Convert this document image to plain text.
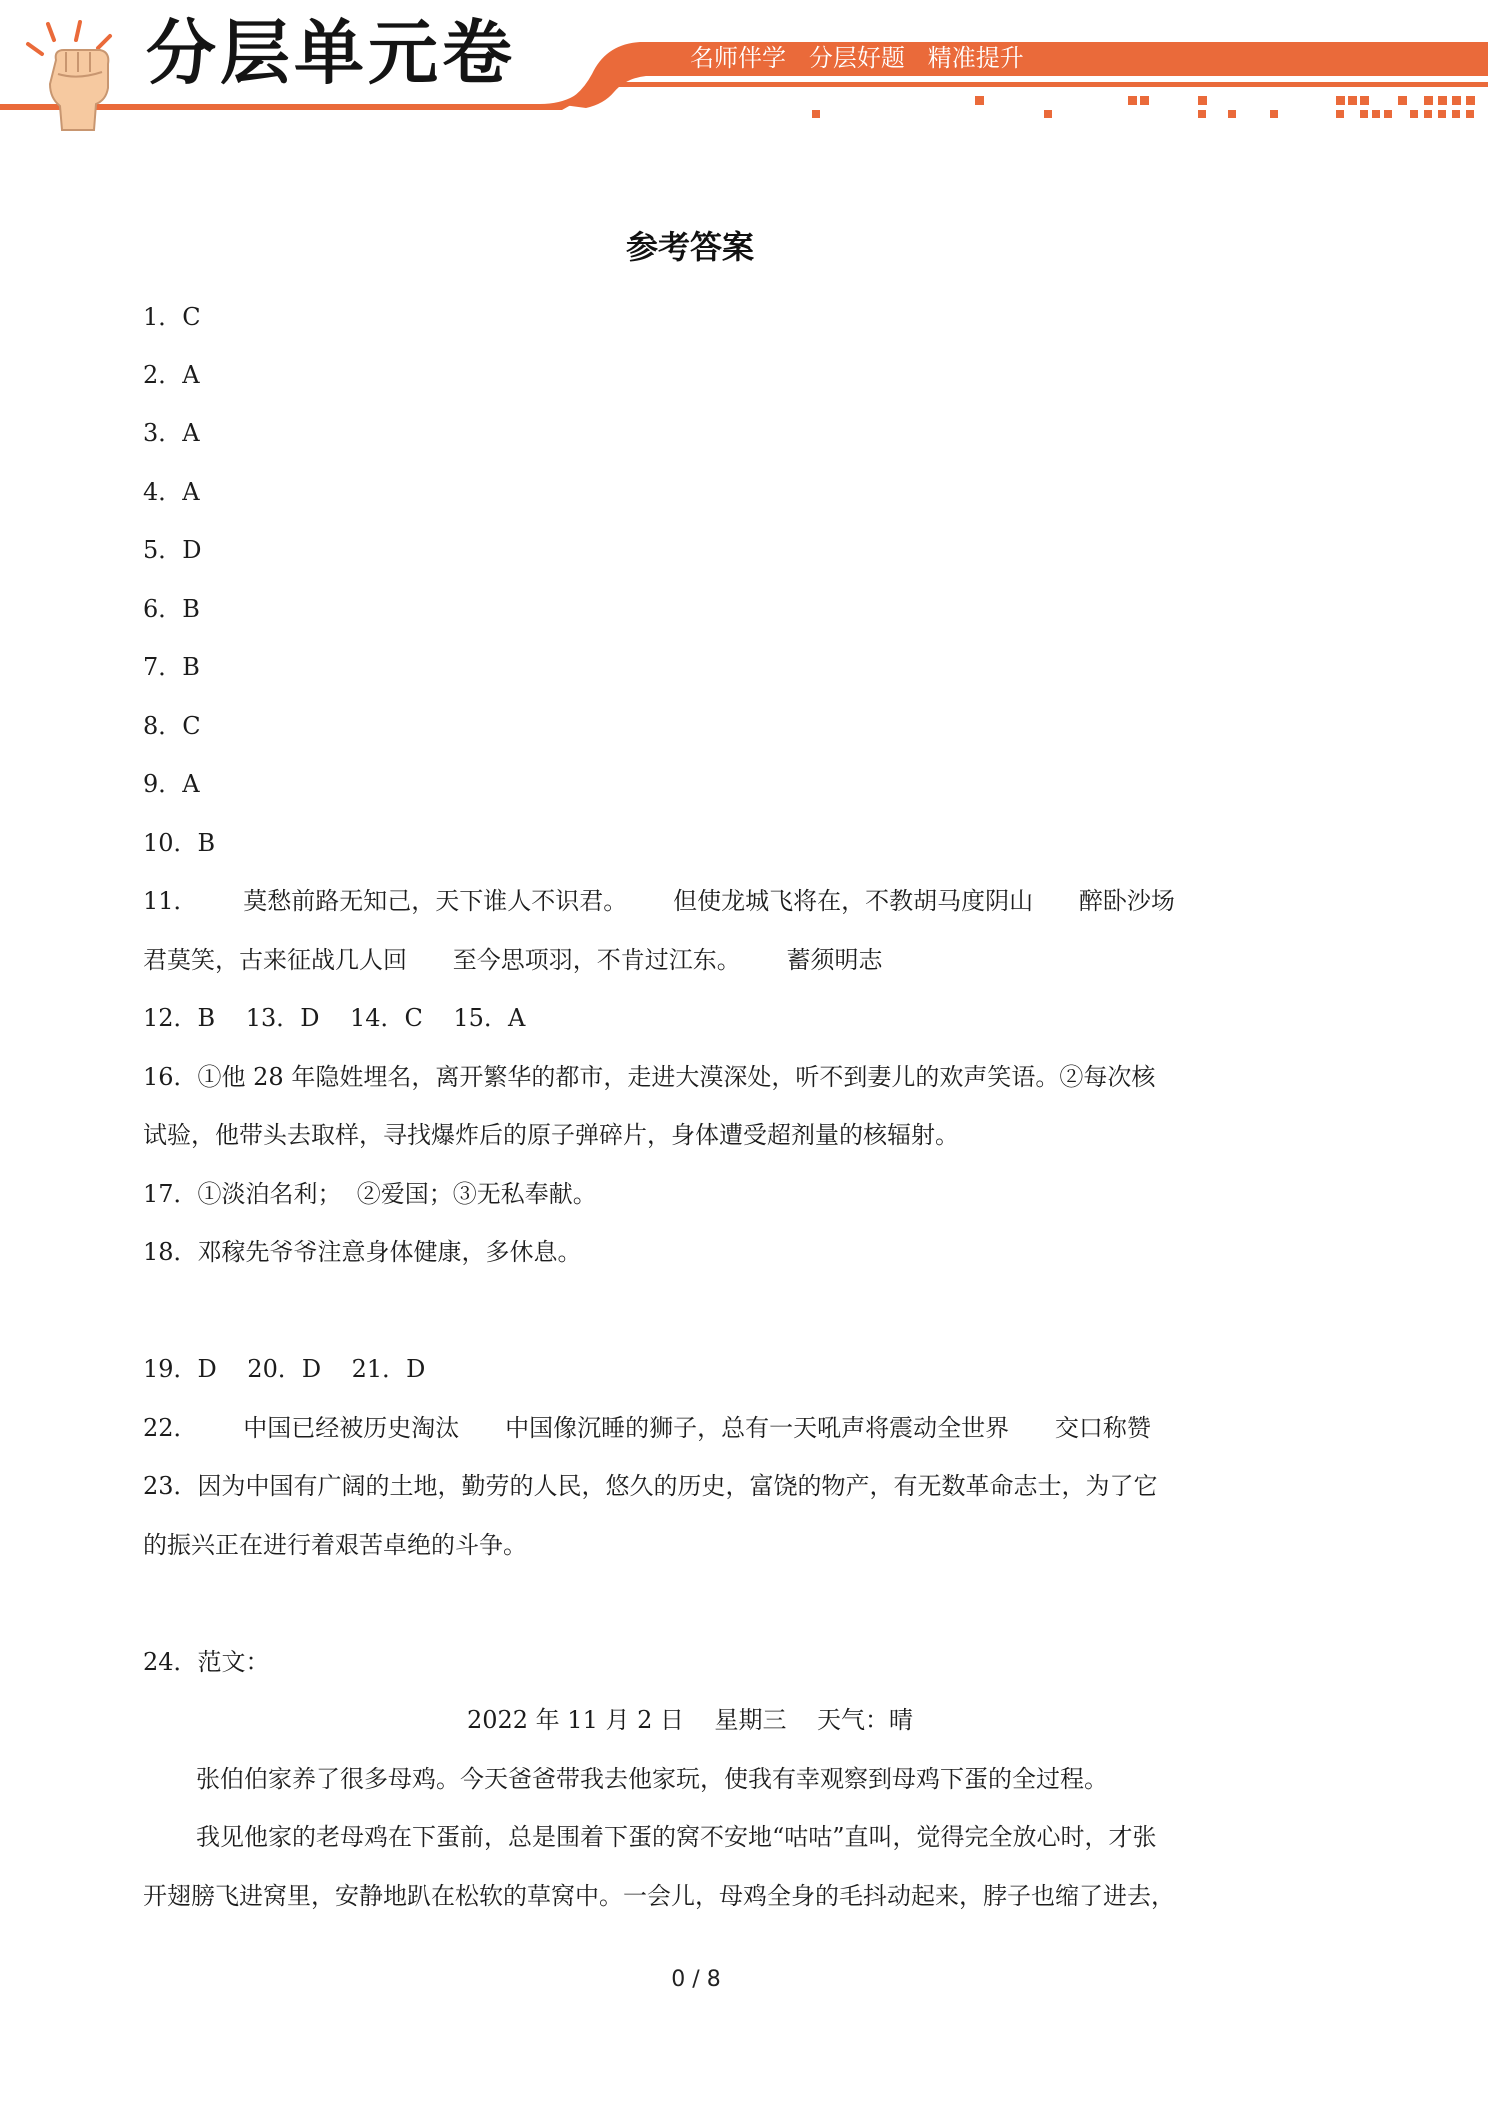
分层单元卷	名师伴学   分层好题   精准提升
参考答案
1．C
2．A
3．A
4．A
5．D
6．B
7．B
8．C
9．A
10．B
11．      莫愁前路无知己，天下谁人不识君。      但使龙城飞将在，不教胡马度阴山      醉卧沙场
君莫笑，古来征战几人回      至今思项羽，不肯过江东。      蓄须明志
12．B    13．D    14．C    15．A
16．①他 28 年隐姓埋名，离开繁华的都市，走进大漠深处，听不到妻儿的欢声笑语。②每次核
试验，他带头去取样，寻找爆炸后的原子弹碎片，身体遭受超剂量的核辐射。
17．①淡泊名利；  ②爱国；③无私奉献。
18．邓稼先爷爷注意身体健康，多休息。
19．D    20．D    21．D
22．      中国已经被历史淘汰      中国像沉睡的狮子，总有一天吼声将震动全世界      交口称赞
23．因为中国有广阔的土地，勤劳的人民，悠久的历史，富饶的物产，有无数革命志士，为了它
的振兴正在进行着艰苦卓绝的斗争。
24．范文：
2022 年 11 月 2 日    星期三    天气：晴
张伯伯家养了很多母鸡。今天爸爸带我去他家玩，使我有幸观察到母鸡下蛋的全过程。
我见他家的老母鸡在下蛋前，总是围着下蛋的窝不安地“咕咕”直叫，觉得完全放心时，才张
开翅膀飞进窝里，安静地趴在松软的草窝中。一会儿，母鸡全身的毛抖动起来，脖子也缩了进去，
0 / 8
